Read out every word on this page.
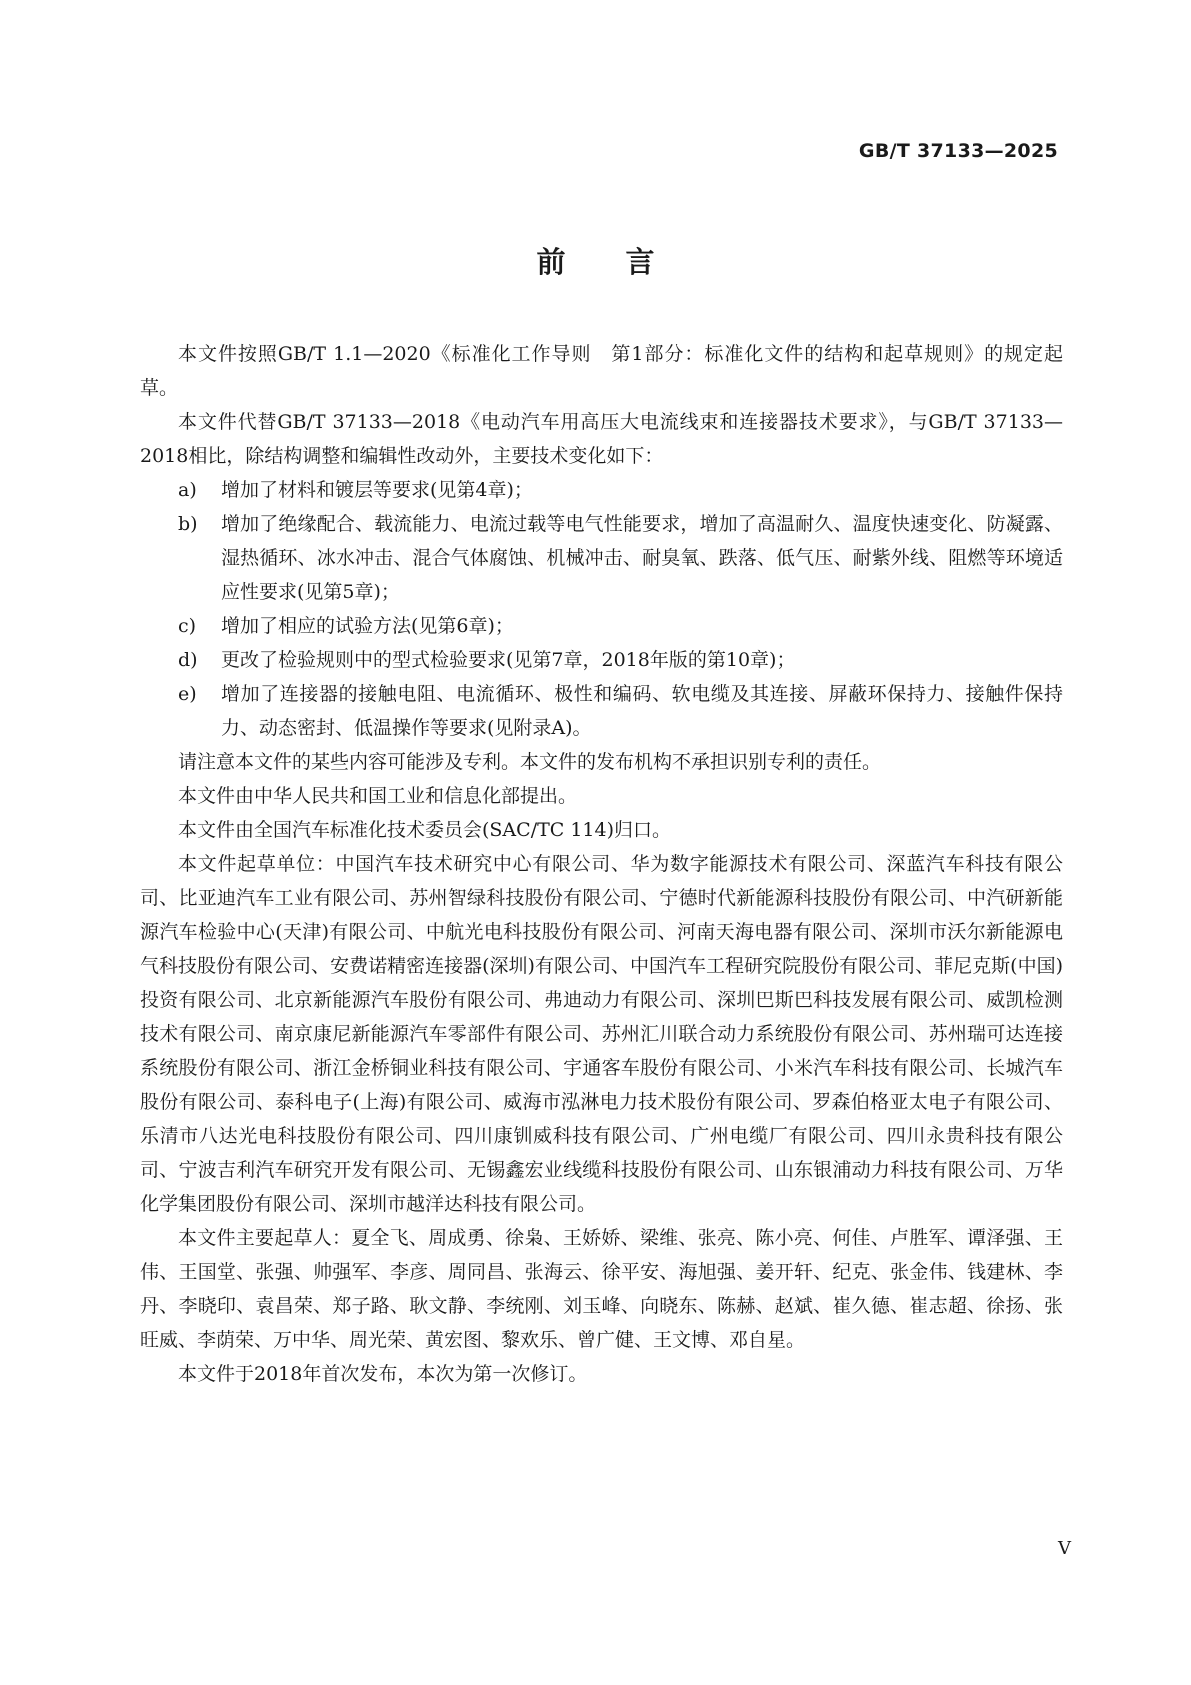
GB/T 37133—2025
前言

本文件按照GB/T 1.1—2020《标准化工作导则　第1部分：标准化文件的结构和起草规则》的规定起草。

本文件代替GB/T 37133—2018《电动汽车用高压大电流线束和连接器技术要求》，与GB/T 37133—2018相比，除结构调整和编辑性改动外，主要技术变化如下：

a)	增加了材料和镀层等要求(见第4章)；
b)	增加了绝缘配合、载流能力、电流过载等电气性能要求，增加了高温耐久、温度快速变化、防凝露、湿热循环、冰水冲击、混合气体腐蚀、机械冲击、耐臭氧、跌落、低气压、耐紫外线、阻燃等环境适应性要求(见第5章)；
c)	增加了相应的试验方法(见第6章)；
d)	更改了检验规则中的型式检验要求(见第7章，2018年版的第10章)；
e)	增加了连接器的接触电阻、电流循环、极性和编码、软电缆及其连接、屏蔽环保持力、接触件保持力、动态密封、低温操作等要求(见附录A)。

请注意本文件的某些内容可能涉及专利。本文件的发布机构不承担识别专利的责任。

本文件由中华人民共和国工业和信息化部提出。

本文件由全国汽车标准化技术委员会(SAC/TC 114)归口。

本文件起草单位：中国汽车技术研究中心有限公司、华为数字能源技术有限公司、深蓝汽车科技有限公司、比亚迪汽车工业有限公司、苏州智绿科技股份有限公司、宁德时代新能源科技股份有限公司、中汽研新能源汽车检验中心(天津)有限公司、中航光电科技股份有限公司、河南天海电器有限公司、深圳市沃尔新能源电气科技股份有限公司、安费诺精密连接器(深圳)有限公司、中国汽车工程研究院股份有限公司、菲尼克斯(中国)投资有限公司、北京新能源汽车股份有限公司、弗迪动力有限公司、深圳巴斯巴科技发展有限公司、威凯检测技术有限公司、南京康尼新能源汽车零部件有限公司、苏州汇川联合动力系统股份有限公司、苏州瑞可达连接系统股份有限公司、浙江金桥铜业科技有限公司、宇通客车股份有限公司、小米汽车科技有限公司、长城汽车股份有限公司、泰科电子(上海)有限公司、威海市泓淋电力技术股份有限公司、罗森伯格亚太电子有限公司、乐清市八达光电科技股份有限公司、四川康钏威科技有限公司、广州电缆厂有限公司、四川永贵科技有限公司、宁波吉利汽车研究开发有限公司、无锡鑫宏业线缆科技股份有限公司、山东银浦动力科技有限公司、万华化学集团股份有限公司、深圳市越洋达科技有限公司。

本文件主要起草人：夏全飞、周成勇、徐枭、王娇娇、梁维、张亮、陈小亮、何佳、卢胜军、谭泽强、王伟、王国堂、张强、帅强军、李彦、周同昌、张海云、徐平安、海旭强、姜开轩、纪克、张金伟、钱建林、李丹、李晓印、袁昌荣、郑子路、耿文静、李统刚、刘玉峰、向晓东、陈赫、赵斌、崔久德、崔志超、徐扬、张旺威、李荫荣、万中华、周光荣、黄宏图、黎欢乐、曾广健、王文博、邓自星。

本文件于2018年首次发布，本次为第一次修订。

V
